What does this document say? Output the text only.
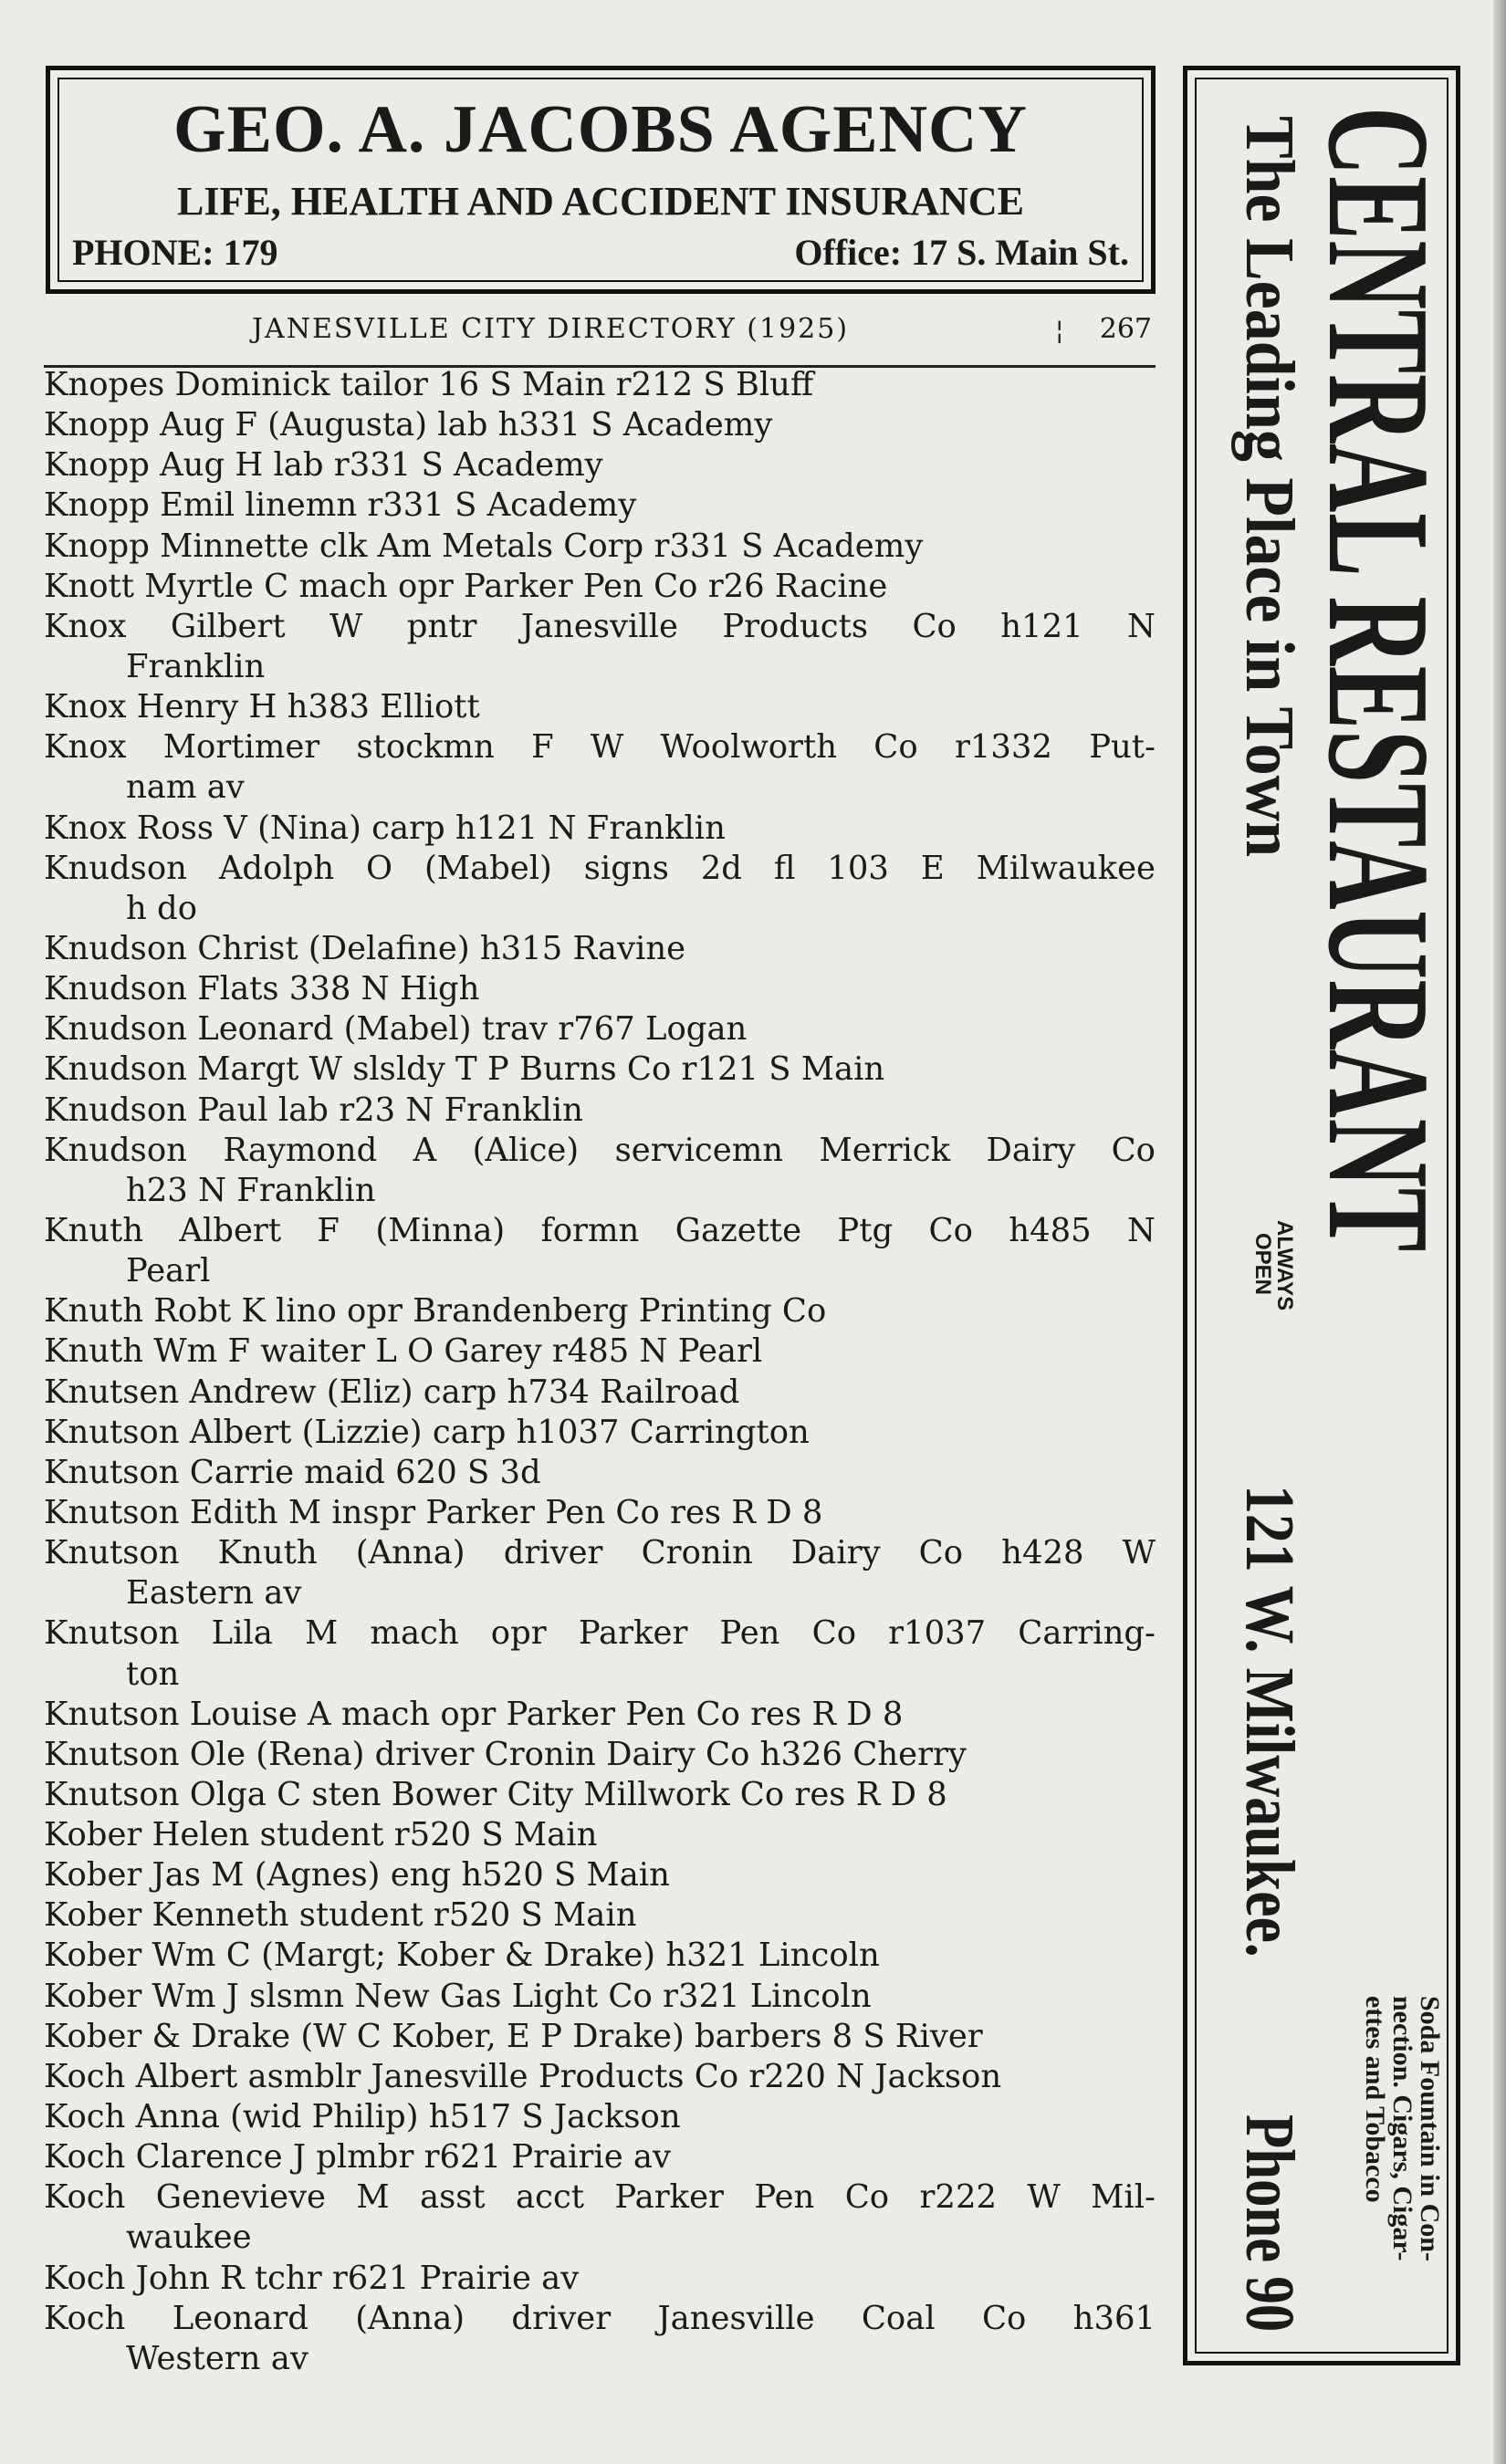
GEO. A. JACOBS AGENCY
LIFE, HEALTH AND ACCIDENT INSURANCE
PHONE: 179	Office: 17 S. Main St.
JANESVILLE CITY DIRECTORY (1925)	¦ 267
Knopes Dominick tailor 16 S Main r212 S Bluff
Knopp Aug F (Augusta) lab h331 S Academy
Knopp Aug H lab r331 S Academy
Knopp Emil linemn r331 S Academy
Knopp Minnette clk Am Metals Corp r331 S Academy
Knott Myrtle C mach opr Parker Pen Co r26 Racine
Knox Gilbert W pntr Janesville Products Co h121 N
Franklin
Knox Henry H h383 Elliott
Knox Mortimer stockmn F W Woolworth Co r1332 Put-
nam av
Knox Ross V (Nina) carp h121 N Franklin
Knudson Adolph O (Mabel) signs 2d fl 103 E Milwaukee
h do
Knudson Christ (Delafine) h315 Ravine
Knudson Flats 338 N High
Knudson Leonard (Mabel) trav r767 Logan
Knudson Margt W slsldy T P Burns Co r121 S Main
Knudson Paul lab r23 N Franklin
Knudson Raymond A (Alice) servicemn Merrick Dairy Co
h23 N Franklin
Knuth Albert F (Minna) formn Gazette Ptg Co h485 N
Pearl
Knuth Robt K lino opr Brandenberg Printing Co
Knuth Wm F waiter L O Garey r485 N Pearl
Knutsen Andrew (Eliz) carp h734 Railroad
Knutson Albert (Lizzie) carp h1037 Carrington
Knutson Carrie maid 620 S 3d
Knutson Edith M inspr Parker Pen Co res R D 8
Knutson Knuth (Anna) driver Cronin Dairy Co h428 W
Eastern av
Knutson Lila M mach opr Parker Pen Co r1037 Carring-
ton
Knutson Louise A mach opr Parker Pen Co res R D 8
Knutson Ole (Rena) driver Cronin Dairy Co h326 Cherry
Knutson Olga C sten Bower City Millwork Co res R D 8
Kober Helen student r520 S Main
Kober Jas M (Agnes) eng h520 S Main
Kober Kenneth student r520 S Main
Kober Wm C (Margt; Kober & Drake) h321 Lincoln
Kober Wm J slsmn New Gas Light Co r321 Lincoln
Kober & Drake (W C Kober, E P Drake) barbers 8 S River
Koch Albert asmblr Janesville Products Co r220 N Jackson
Koch Anna (wid Philip) h517 S Jackson
Koch Clarence J plmbr r621 Prairie av
Koch Genevieve M asst acct Parker Pen Co r222 W Mil-
waukee
Koch John R tchr r621 Prairie av
Koch Leonard (Anna) driver Janesville Coal Co h361
Western av
CENTRAL RESTAURANT
The Leading Place in Town
ALWAYS
OPEN
121 W. Milwaukee.
Phone 90	Soda Fountain in Con-
nection. Cigars, Cigar-
ettes and Tobacco
